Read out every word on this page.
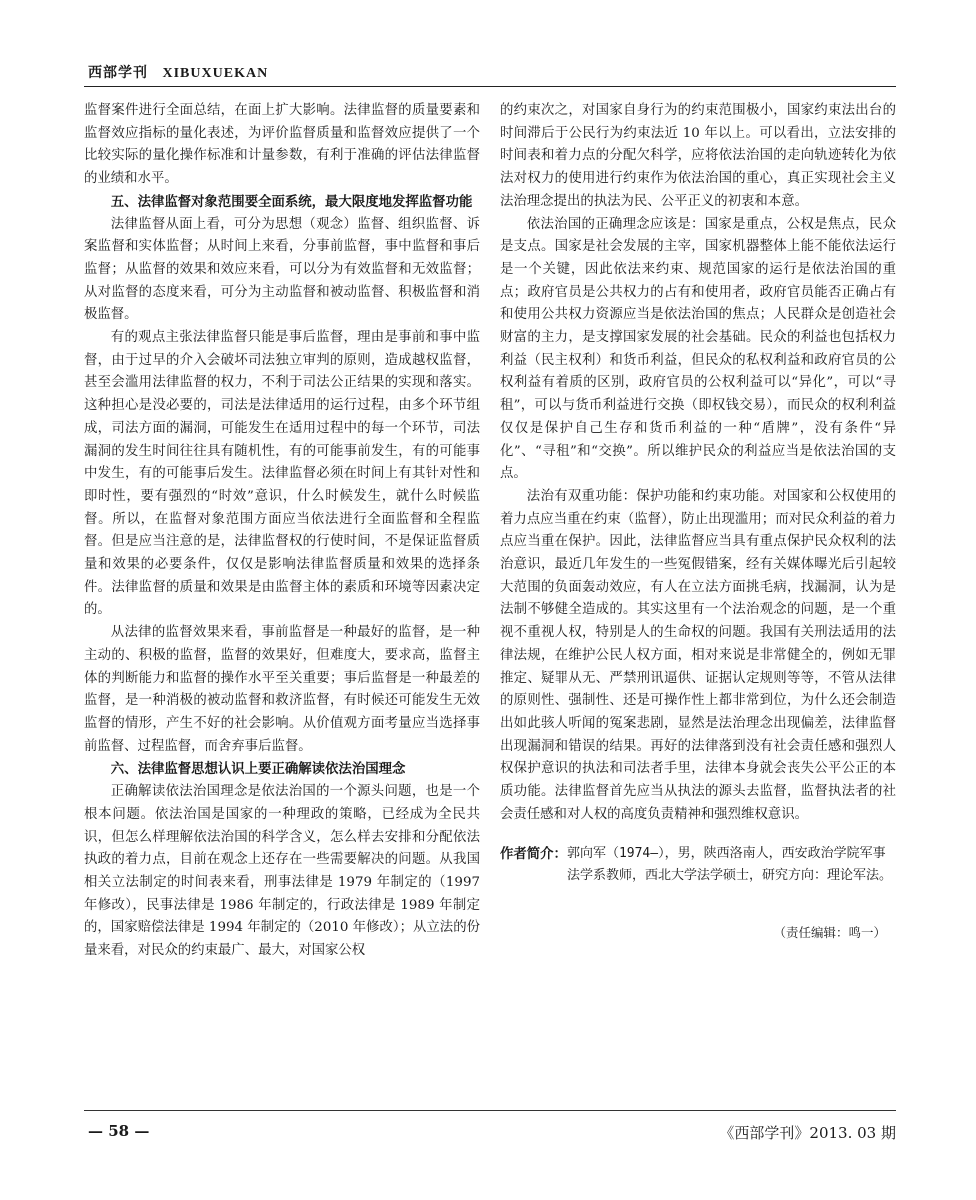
西部学刊 XIBUXUEKAN

监督案件进行全面总结，在面上扩大影响。法律监督的质量要素和监督效应指标的量化表述，为评价监督质量和监督效应提供了一个比较实际的量化操作标准和计量参数，有利于准确的评估法律监督的业绩和水平。

五、法律监督对象范围要全面系统，最大限度地发挥监督功能

法律监督从面上看，可分为思想（观念）监督、组织监督、诉案监督和实体监督；从时间上来看，分事前监督，事中监督和事后监督；从监督的效果和效应来看，可以分为有效监督和无效监督；从对监督的态度来看，可分为主动监督和被动监督、积极监督和消极监督。

有的观点主张法律监督只能是事后监督，理由是事前和事中监督，由于过早的介入会破坏司法独立审判的原则，造成越权监督，甚至会滥用法律监督的权力，不利于司法公正结果的实现和落实。这种担心是没必要的，司法是法律适用的运行过程，由多个环节组成，司法方面的漏洞，可能发生在适用过程中的每一个环节，司法漏洞的发生时间往往具有随机性，有的可能事前发生，有的可能事中发生，有的可能事后发生。法律监督必须在时间上有其针对性和即时性，要有强烈的“时效”意识，什么时候发生，就什么时候监督。所以，在监督对象范围方面应当依法进行全面监督和全程监督。但是应当注意的是，法律监督权的行使时间，不是保证监督质量和效果的必要条件，仅仅是影响法律监督质量和效果的选择条件。法律监督的质量和效果是由监督主体的素质和环境等因素决定的。

从法律的监督效果来看，事前监督是一种最好的监督，是一种主动的、积极的监督，监督的效果好，但难度大，要求高，监督主体的判断能力和监督的操作水平至关重要；事后监督是一种最差的监督，是一种消极的被动监督和救济监督，有时候还可能发生无效监督的情形，产生不好的社会影响。从价值观方面考量应当选择事前监督、过程监督，而舍弃事后监督。

六、法律监督思想认识上要正确解读依法治国理念

正确解读依法治国理念是依法治国的一个源头问题，也是一个根本问题。依法治国是国家的一种理政的策略，已经成为全民共识，但怎么样理解依法治国的科学含义，怎么样去安排和分配依法执政的着力点，目前在观念上还存在一些需要解决的问题。从我国相关立法制定的时间表来看，刑事法律是 1979 年制定的（1997 年修改），民事法律是 1986 年制定的，行政法律是 1989 年制定的，国家赔偿法律是 1994 年制定的（2010 年修改）；从立法的份量来看，对民众的约束最广、最大，对国家公权

的约束次之，对国家自身行为的约束范围极小，国家约束法出台的时间滞后于公民行为约束法近 10 年以上。可以看出，立法安排的时间表和着力点的分配欠科学，应将依法治国的走向轨迹转化为依法对权力的使用进行约束作为依法治国的重心，真正实现社会主义法治理念提出的执法为民、公平正义的初衷和本意。

依法治国的正确理念应该是：国家是重点，公权是焦点，民众是支点。国家是社会发展的主宰，国家机器整体上能不能依法运行是一个关键，因此依法来约束、规范国家的运行是依法治国的重点；政府官员是公共权力的占有和使用者，政府官员能否正确占有和使用公共权力资源应当是依法治国的焦点；人民群众是创造社会财富的主力，是支撑国家发展的社会基础。民众的利益也包括权力利益（民主权利）和货币利益，但民众的私权利益和政府官员的公权利益有着质的区别，政府官员的公权利益可以“异化”，可以“寻租”，可以与货币利益进行交换（即权钱交易），而民众的权利利益仅仅是保护自己生存和货币利益的一种“盾牌”，没有条件“异化”、“寻租”和“交换”。所以维护民众的利益应当是依法治国的支点。

法治有双重功能：保护功能和约束功能。对国家和公权使用的着力点应当重在约束（监督），防止出现滥用；而对民众利益的着力点应当重在保护。因此，法律监督应当具有重点保护民众权利的法治意识，最近几年发生的一些冤假错案，经有关媒体曝光后引起较大范围的负面轰动效应，有人在立法方面挑毛病，找漏洞，认为是法制不够健全造成的。其实这里有一个法治观念的问题，是一个重视不重视人权，特别是人的生命权的问题。我国有关刑法适用的法律法规，在维护公民人权方面，相对来说是非常健全的，例如无罪推定、疑罪从无、严禁刑讯逼供、证据认定规则等等，不管从法律的原则性、强制性、还是可操作性上都非常到位，为什么还会制造出如此骇人听闻的冤案悲剧，显然是法治理念出现偏差，法律监督出现漏洞和错误的结果。再好的法律落到没有社会责任感和强烈人权保护意识的执法和司法者手里，法律本身就会丧失公平公正的本质功能。法律监督首先应当从执法的源头去监督，监督执法者的社会责任感和对人权的高度负责精神和强烈维权意识。

作者简介： 郭向军（1974—），男，陕西洛南人，西安政治学院军事法学系教师，西北大学法学硕士，研究方向：理论军法。
（责任编辑：鸣一）
— 58 —	《西部学刊》2013. 03 期
